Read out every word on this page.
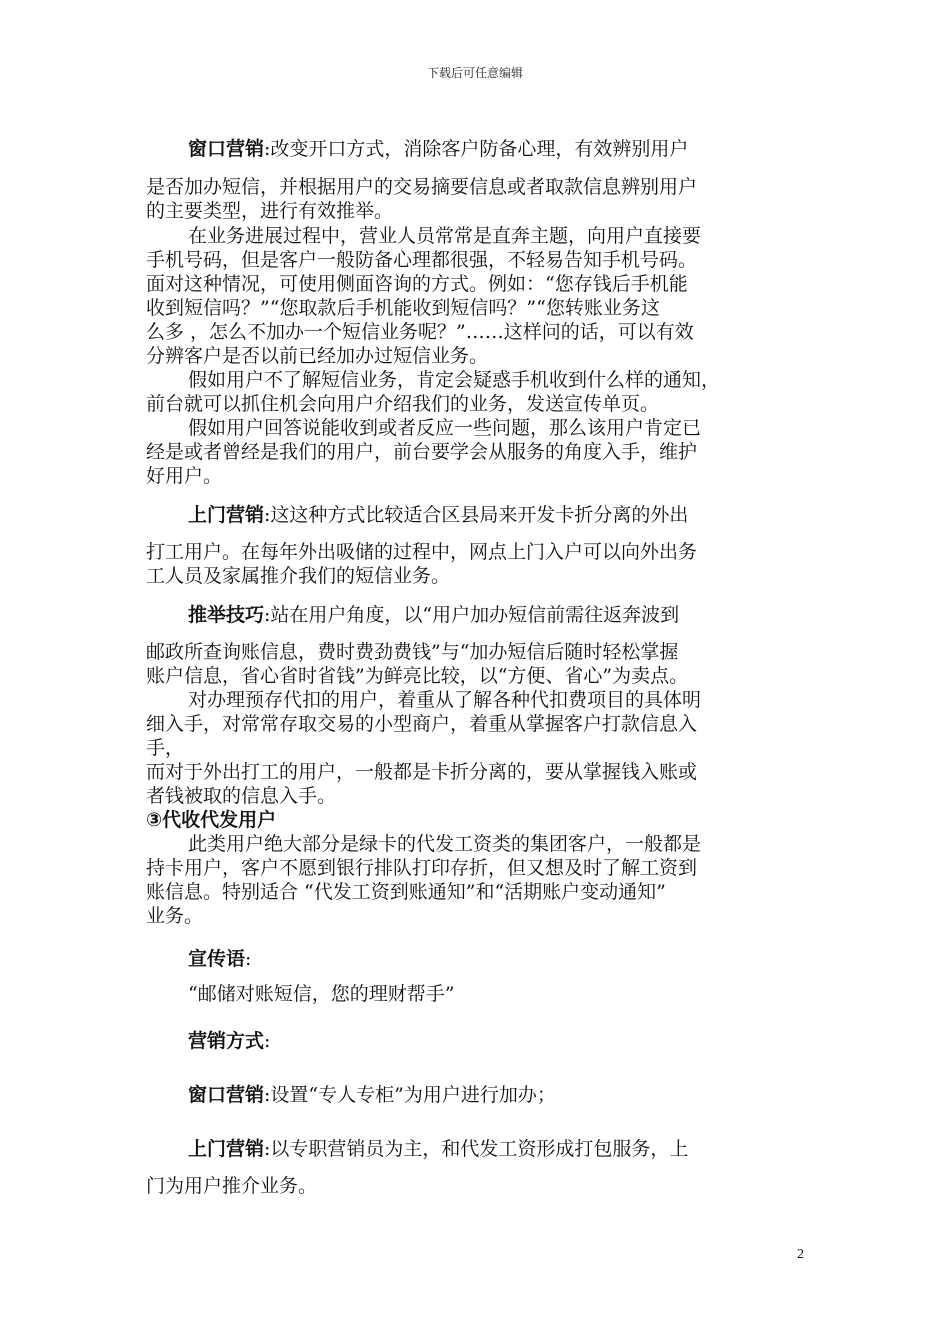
下载后可任意编辑

窗口营销:改变开口方式，消除客户防备心理，有效辨别用户

是否加办短信，并根据用户的交易摘要信息或者取款信息辨别用户

的主要类型，进行有效推举。

在业务进展过程中，营业人员常常是直奔主题，向用户直接要

手机号码，但是客户一般防备心理都很强，不轻易告知手机号码。

面对这种情况，可使用侧面咨询的方式。例如：“您存钱后手机能

收到短信吗？”“您取款后手机能收到短信吗？”“您转账业务这

么多 ，怎么不加办一个短信业务呢？”……这样问的话，可以有效

分辨客户是否以前已经加办过短信业务。

假如用户不了解短信业务，肯定会疑惑手机收到什么样的通知，

前台就可以抓住机会向用户介绍我们的业务，发送宣传单页。

假如用户回答说能收到或者反应一些问题，那么该用户肯定已

经是或者曾经是我们的用户，前台要学会从服务的角度入手，维护

好用户。

上门营销:这这种方式比较适合区县局来开发卡折分离的外出

打工用户。在每年外出吸储的过程中，网点上门入户可以向外出务

工人员及家属推介我们的短信业务。

推举技巧:站在用户角度，以“用户加办短信前需往返奔波到

邮政所查询账信息，费时费劲费钱”与“加办短信后随时轻松掌握

账户信息，省心省时省钱”为鲜亮比较，以“方便、省心”为卖点。

对办理预存代扣的用户，着重从了解各种代扣费项目的具体明

细入手，对常常存取交易的小型商户，着重从掌握客户打款信息入

手，

而对于外出打工的用户，一般都是卡折分离的，要从掌握钱入账或

者钱被取的信息入手。

③代收代发用户

此类用户绝大部分是绿卡的代发工资类的集团客户，一般都是

持卡用户，客户不愿到银行排队打印存折，但又想及时了解工资到

账信息。特别适合 “代发工资到账通知”和“活期账户变动通知”

业务。

宣传语:

“邮储对账短信，您的理财帮手”

营销方式:

窗口营销:设置“专人专柜”为用户进行加办；

上门营销:以专职营销员为主，和代发工资形成打包服务，上

门为用户推介业务。

2
